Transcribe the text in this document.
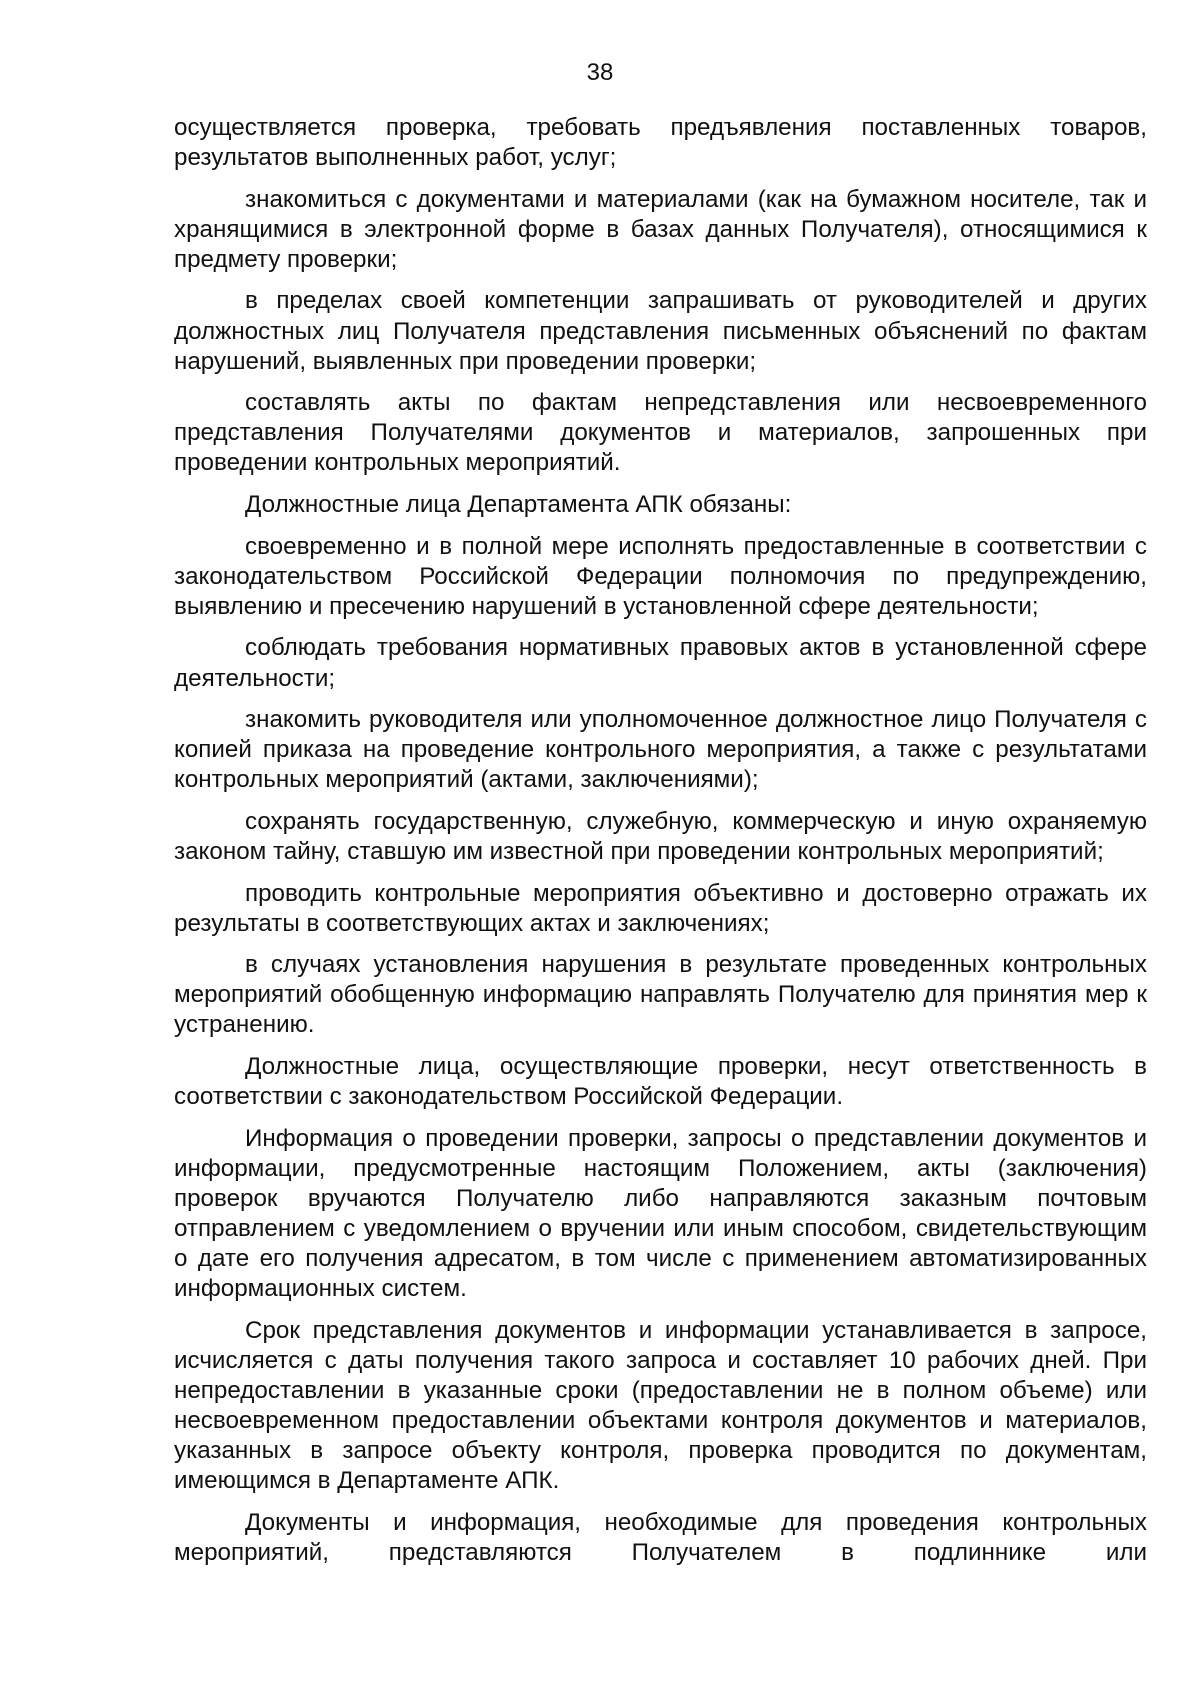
38

осуществляется проверка, требовать предъявления поставленных товаров, результатов выполненных работ, услуг;

знакомиться с документами и материалами (как на бумажном носителе, так и хранящимися в электронной форме в базах данных Получателя), относящимися к предмету проверки;

в пределах своей компетенции запрашивать от руководителей и других должностных лиц Получателя представления письменных объяснений по фактам нарушений, выявленных при проведении проверки;

составлять акты по фактам непредставления или несвоевременного представления Получателями документов и материалов, запрошенных при проведении контрольных мероприятий.

Должностные лица Департамента АПК обязаны:

своевременно и в полной мере исполнять предоставленные в соответствии с законодательством Российской Федерации полномочия по предупреждению, выявлению и пресечению нарушений в установленной сфере деятельности;

соблюдать требования нормативных правовых актов в установленной сфере деятельности;

знакомить руководителя или уполномоченное должностное лицо Получателя с копией приказа на проведение контрольного мероприятия, а также с результатами контрольных мероприятий (актами, заключениями);

сохранять государственную, служебную, коммерческую и иную охраняемую законом тайну, ставшую им известной при проведении контрольных мероприятий;

проводить контрольные мероприятия объективно и достоверно отражать их результаты в соответствующих актах и заключениях;

в случаях установления нарушения в результате проведенных контрольных мероприятий обобщенную информацию направлять Получателю для принятия мер к устранению.

Должностные лица, осуществляющие проверки, несут ответственность в соответствии с законодательством Российской Федерации.

Информация о проведении проверки, запросы о представлении документов и информации, предусмотренные настоящим Положением, акты (заключения) проверок вручаются Получателю либо направляются заказным почтовым отправлением с уведомлением о вручении или иным способом, свидетельствующим о дате его получения адресатом, в том числе с применением автоматизированных информационных систем.

Срок представления документов и информации устанавливается в запросе, исчисляется с даты получения такого запроса и составляет 10 рабочих дней. При непредоставлении в указанные сроки (предоставлении не в полном объеме) или несвоевременном предоставлении объектами контроля документов и материалов, указанных в запросе объекту контроля, проверка проводится по документам, имеющимся в Департаменте АПК.

Документы и информация, необходимые для проведения контрольных мероприятий, представляются Получателем в подлиннике или
